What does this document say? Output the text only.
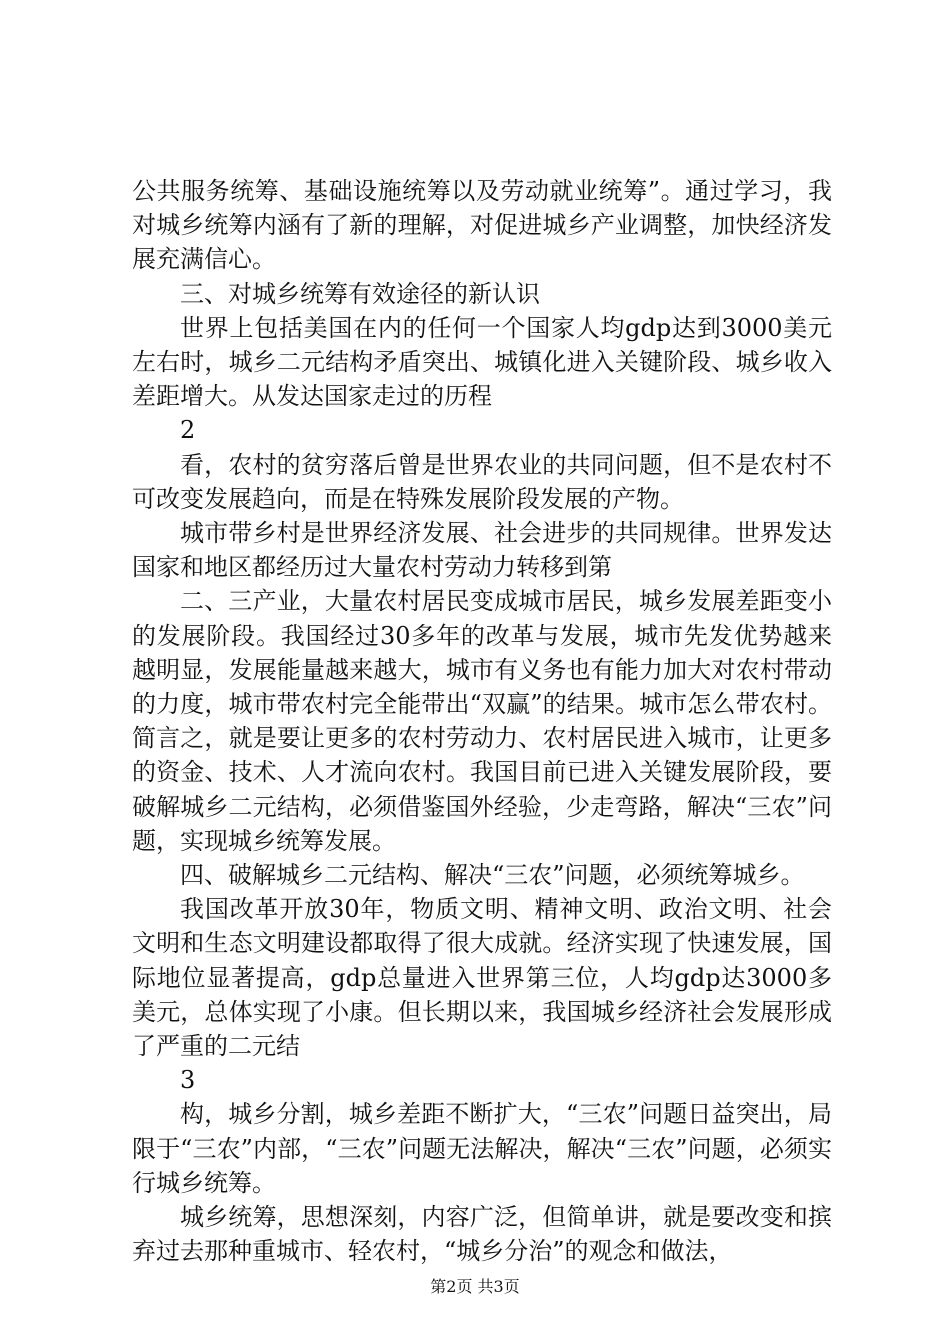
公共服务统筹、基础设施统筹以及劳动就业统筹”。通过学习，我对城乡统筹内涵有了新的理解，对促进城乡产业调整，加快经济发展充满信心。

三、对城乡统筹有效途径的新认识

世界上包括美国在内的任何一个国家人均gdp达到3000美元左右时，城乡二元结构矛盾突出、城镇化进入关键阶段、城乡收入差距增大。从发达国家走过的历程

2

看，农村的贫穷落后曾是世界农业的共同问题，但不是农村不可改变发展趋向，而是在特殊发展阶段发展的产物。

城市带乡村是世界经济发展、社会进步的共同规律。世界发达国家和地区都经历过大量农村劳动力转移到第

二、三产业，大量农村居民变成城市居民，城乡发展差距变小的发展阶段。我国经过30多年的改革与发展，城市先发优势越来越明显，发展能量越来越大，城市有义务也有能力加大对农村带动的力度，城市带农村完全能带出“双赢”的结果。城市怎么带农村。简言之，就是要让更多的农村劳动力、农村居民进入城市，让更多的资金、技术、人才流向农村。我国目前已进入关键发展阶段，要破解城乡二元结构，必须借鉴国外经验，少走弯路，解决“三农”问题，实现城乡统筹发展。

四、破解城乡二元结构、解决“三农”问题，必须统筹城乡。

我国改革开放30年，物质文明、精神文明、政治文明、社会文明和生态文明建设都取得了很大成就。经济实现了快速发展，国际地位显著提高，gdp总量进入世界第三位，人均gdp达3000多美元，总体实现了小康。但长期以来，我国城乡经济社会发展形成了严重的二元结

3

构，城乡分割，城乡差距不断扩大，“三农”问题日益突出，局限于“三农”内部，“三农”问题无法解决，解决“三农”问题，必须实行城乡统筹。

城乡统筹，思想深刻，内容广泛，但简单讲，就是要改变和摈弃过去那种重城市、轻农村，“城乡分治”的观念和做法，

第2页 共3页
